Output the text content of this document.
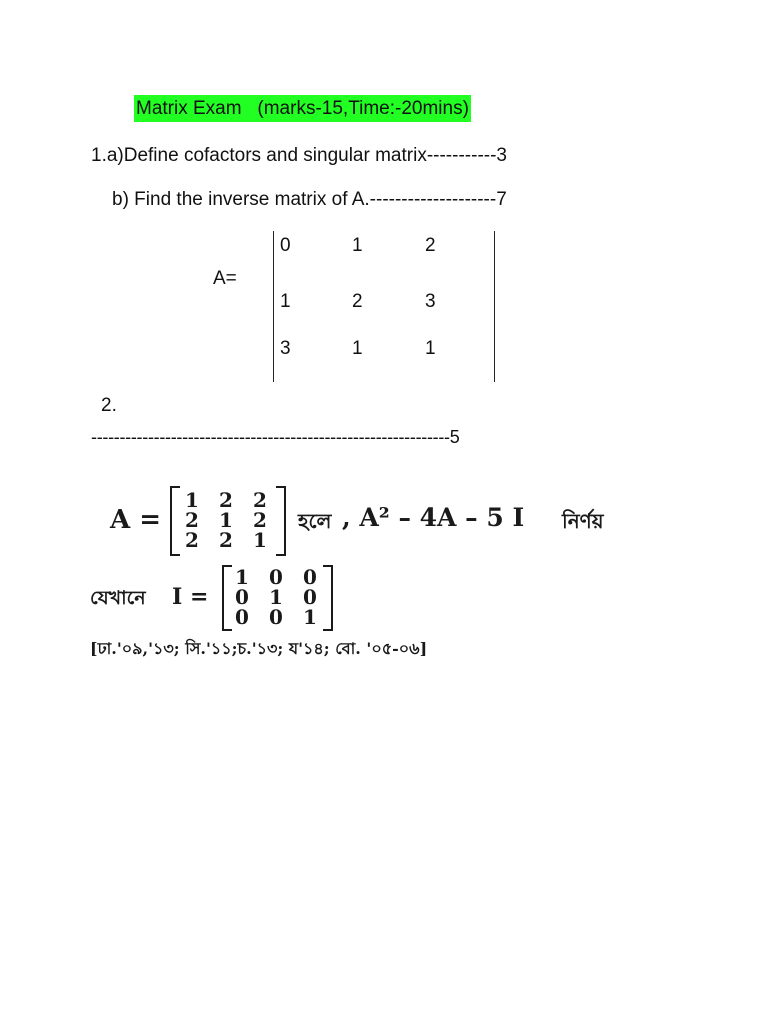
Matrix Exam   (marks-15,Time:-20mins)
1.a)Define cofactors and singular matrix-----------3
b) Find the inverse matrix of A.--------------------7
A=
0	1	2
1	2	3
3	1	1
2.
---------------------------------------------------------------5
A =
1 2 2
2 1 2
2 2 1
হলে , A² – 4A – 5 I নির্ণয়
যেখানে I =
1 0 0
0 1 0
0 0 1
[ঢা.'০৯,'১৩; সি.'১১;চ.'১৩; য'১৪; বো. '০৫-০৬]
